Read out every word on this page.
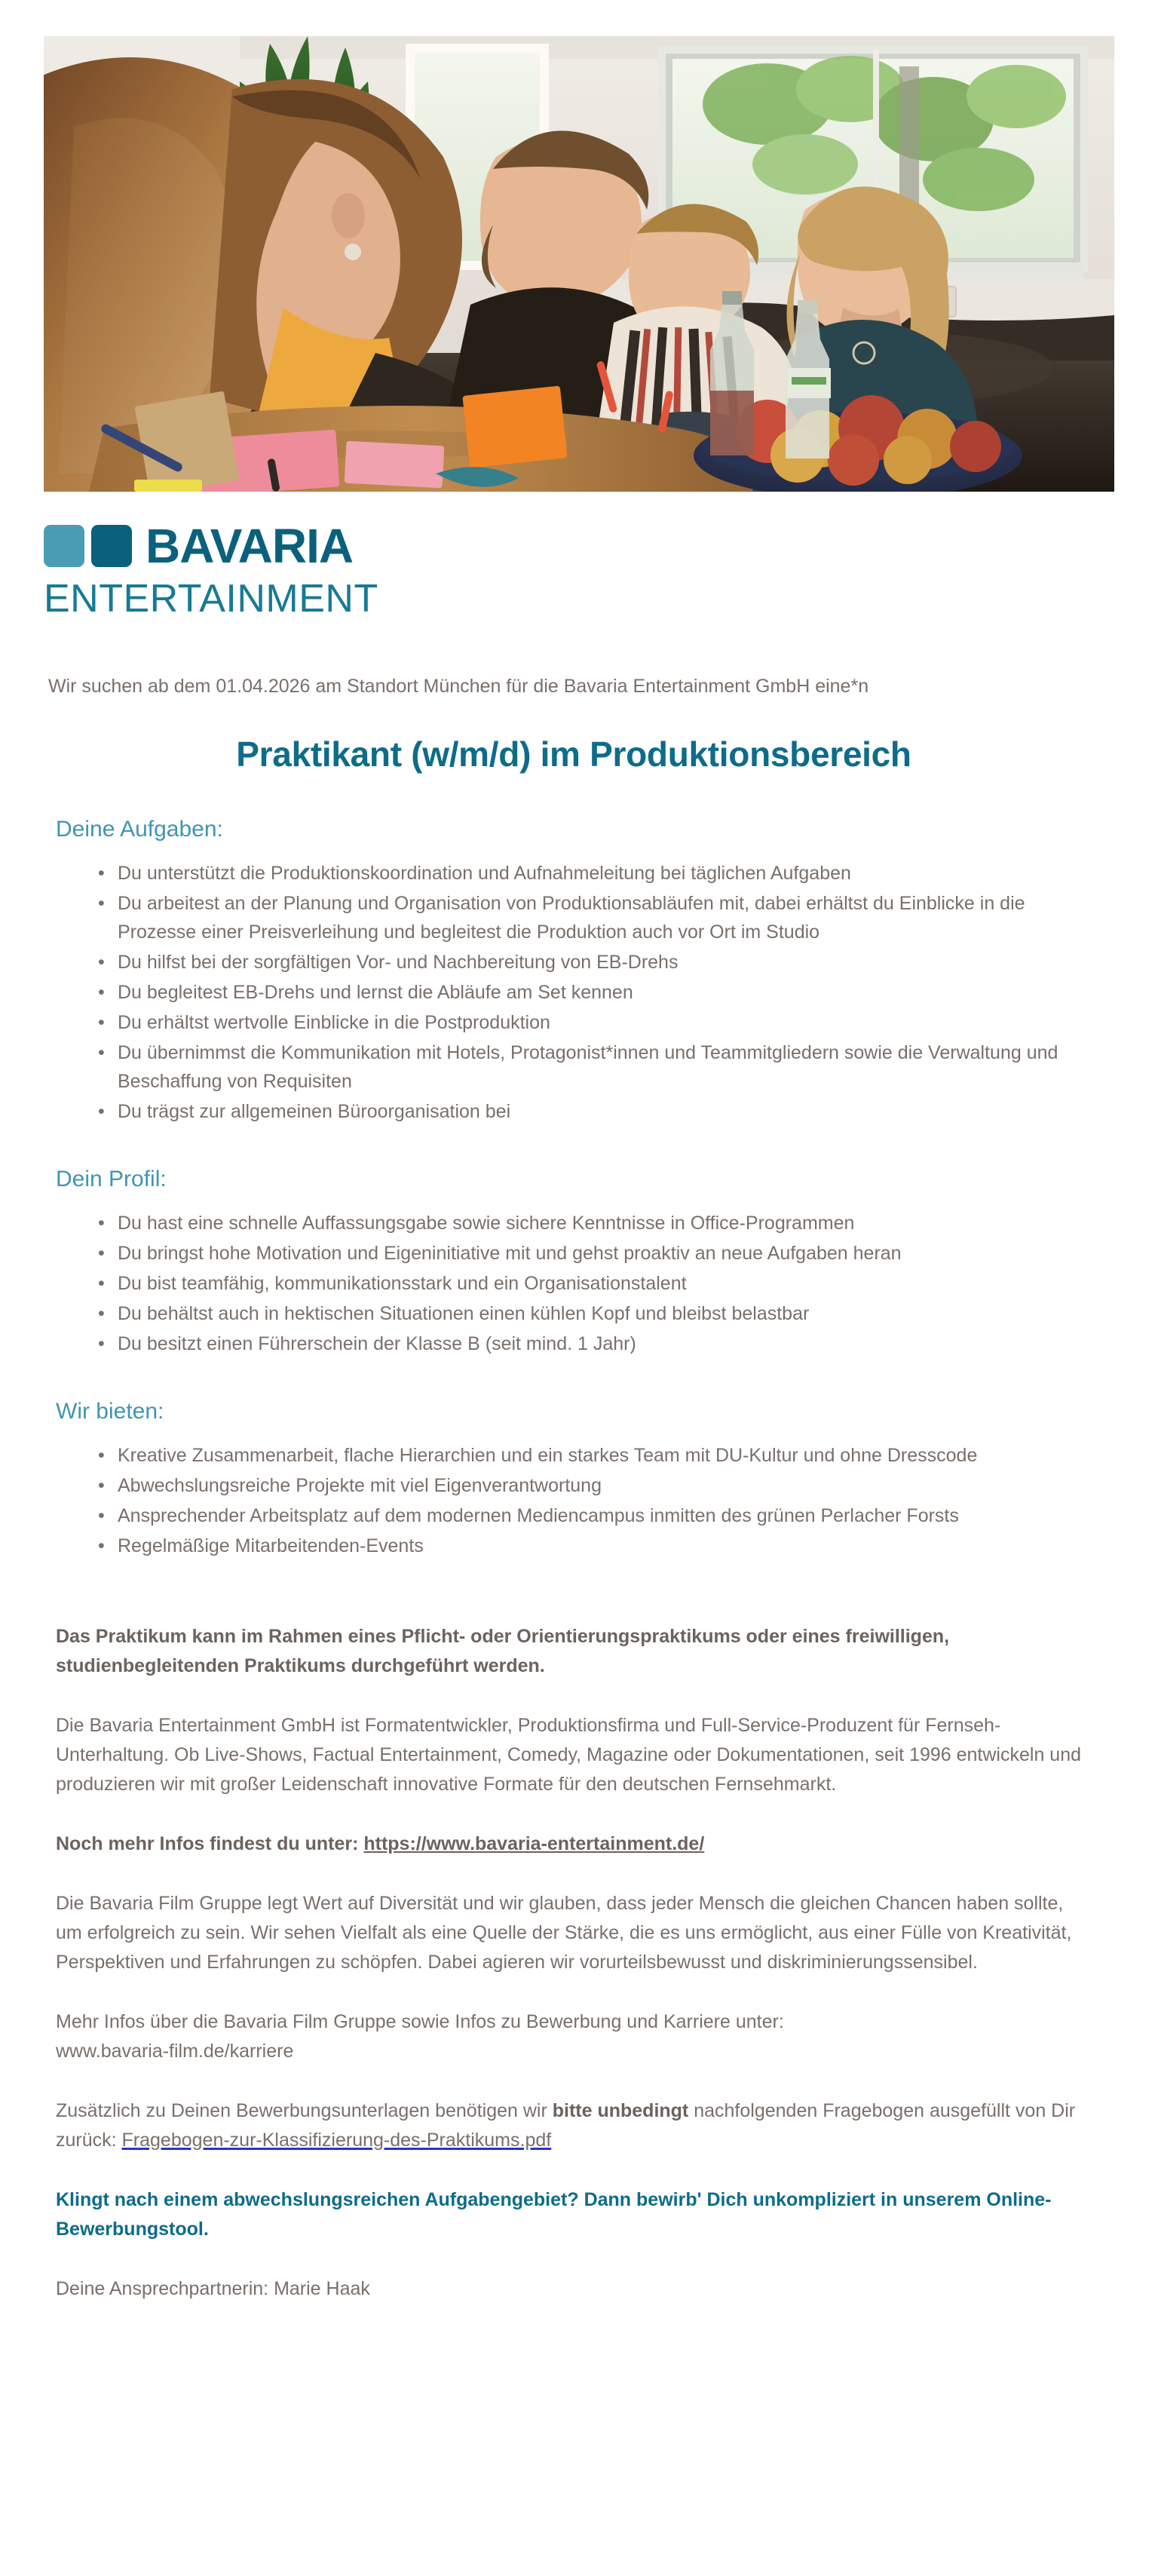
BAVARIA
ENTERTAINMENT
Wir suchen ab dem 01.04.2026 am Standort München für die Bavaria Entertainment GmbH eine*n
Praktikant (w/m/d) im Produktionsbereich
Deine Aufgaben:
• Du unterstützt die Produktionskoordination und Aufnahmeleitung bei täglichen Aufgaben
• Du arbeitest an der Planung und Organisation von Produktionsabläufen mit, dabei erhältst du Einblicke in die Prozesse einer Preisverleihung und begleitest die Produktion auch vor Ort im Studio
• Du hilfst bei der sorgfältigen Vor- und Nachbereitung von EB-Drehs
• Du begleitest EB-Drehs und lernst die Abläufe am Set kennen
• Du erhältst wertvolle Einblicke in die Postproduktion
• Du übernimmst die Kommunikation mit Hotels, Protagonist*innen und Teammitgliedern sowie die Verwaltung und Beschaffung von Requisiten
• Du trägst zur allgemeinen Büroorganisation bei
Dein Profil:
• Du hast eine schnelle Auffassungsgabe sowie sichere Kenntnisse in Office-Programmen
• Du bringst hohe Motivation und Eigeninitiative mit und gehst proaktiv an neue Aufgaben heran
• Du bist teamfähig, kommunikationsstark und ein Organisationstalent
• Du behältst auch in hektischen Situationen einen kühlen Kopf und bleibst belastbar
• Du besitzt einen Führerschein der Klasse B (seit mind. 1 Jahr)
Wir bieten:
• Kreative Zusammenarbeit, flache Hierarchien und ein starkes Team mit DU-Kultur und ohne Dresscode
• Abwechslungsreiche Projekte mit viel Eigenverantwortung
• Ansprechender Arbeitsplatz auf dem modernen Mediencampus inmitten des grünen Perlacher Forsts
• Regelmäßige Mitarbeitenden-Events

Das Praktikum kann im Rahmen eines Pflicht- oder Orientierungspraktikums oder eines freiwilligen, studienbegleitenden Praktikums durchgeführt werden.

Die Bavaria Entertainment GmbH ist Formatentwickler, Produktionsfirma und Full-Service-Produzent für Fernseh-Unterhaltung. Ob Live-Shows, Factual Entertainment, Comedy, Magazine oder Dokumentationen, seit 1996 entwickeln und produzieren wir mit großer Leidenschaft innovative Formate für den deutschen Fernsehmarkt.

Noch mehr Infos findest du unter: https://www.bavaria-entertainment.de/

Die Bavaria Film Gruppe legt Wert auf Diversität und wir glauben, dass jeder Mensch die gleichen Chancen haben sollte, um erfolgreich zu sein. Wir sehen Vielfalt als eine Quelle der Stärke, die es uns ermöglicht, aus einer Fülle von Kreativität, Perspektiven und Erfahrungen zu schöpfen. Dabei agieren wir vorurteilsbewusst und diskriminierungssensibel.

Mehr Infos über die Bavaria Film Gruppe sowie Infos zu Bewerbung und Karriere unter:
www.bavaria-film.de/karriere

Zusätzlich zu Deinen Bewerbungsunterlagen benötigen wir bitte unbedingt nachfolgenden Fragebogen ausgefüllt von Dir zurück: Fragebogen-zur-Klassifizierung-des-Praktikums.pdf

Klingt nach einem abwechslungsreichen Aufgabengebiet? Dann bewirb' Dich unkompliziert in unserem Online-Bewerbungstool.

Deine Ansprechpartnerin: Marie Haak
